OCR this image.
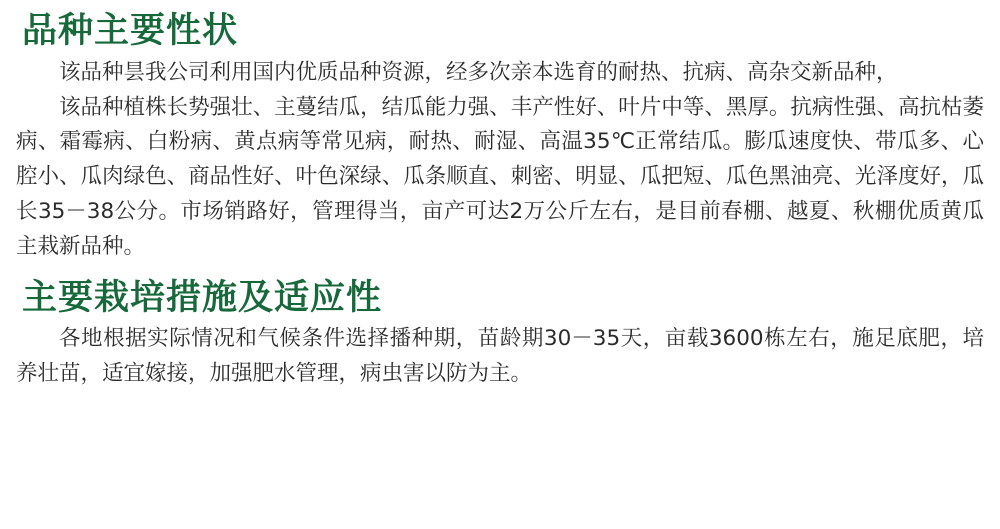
品种主要性状

该品种昙我公司利用国内优质品种资源，经多次亲本选育的耐热、抗病、高杂交新品种，

该品种植株长势强壮、主蔓结瓜，结瓜能力强、丰产性好、叶片中等、黑厚。抗病性强、高抗枯萎病、霜霉病、白粉病、黄点病等常见病，耐热、耐湿、高温35℃正常结瓜。膨瓜速度快、带瓜多、心腔小、瓜肉绿色、商品性好、叶色深绿、瓜条顺直、刺密、明显、瓜把短、瓜色黑油亮、光泽度好，瓜长35－38公分。市场销路好，管理得当，亩产可达2万公斤左右，是目前春棚、越夏、秋棚优质黄瓜主栽新品种。

主要栽培措施及适应性

各地根据实际情况和气候条件选择播种期，苗龄期30－35天，亩载3600栋左右，施足底肥，培养壮苗，适宜嫁接，加强肥水管理，病虫害以防为主。
